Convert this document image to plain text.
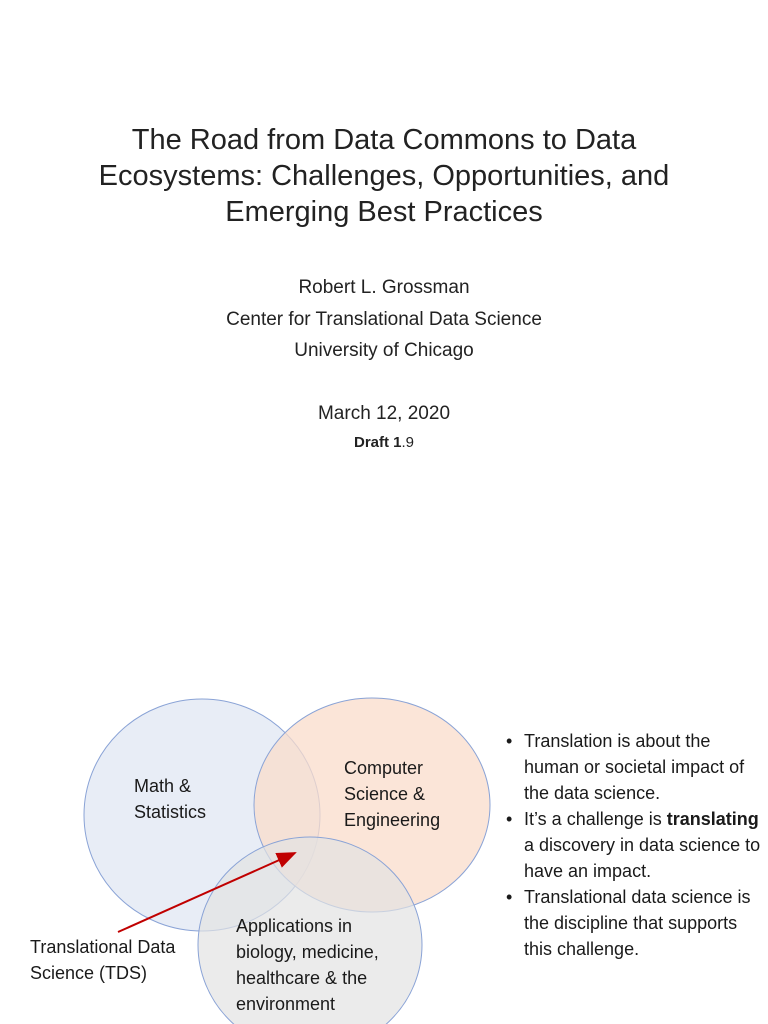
The Road from Data Commons to Data
Ecosystems: Challenges, Opportunities, and
Emerging Best Practices
Robert L. Grossman
Center for Translational Data Science
University of Chicago
March 12, 2020
Draft 1.9
Math &
Statistics
Computer
Science &
Engineering
Applications in
biology, medicine,
healthcare & the
environment
Translational Data
Science (TDS)
• Translation is about the human or societal impact of the data science.
• It’s a challenge is translating a discovery in data science to have an impact.
• Translational data science is the discipline that supports this challenge.
